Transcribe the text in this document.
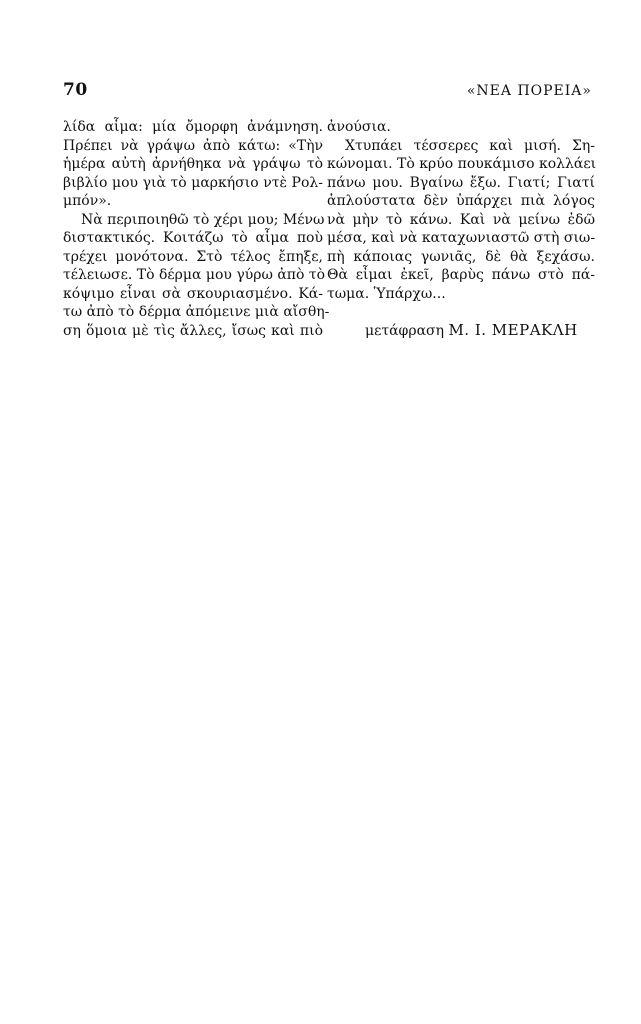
70	«ΝΕΑ ΠΟΡΕΙΑ»
λίδα αἷμα: μία ὄμορφη ἀνάμνηση.
Πρέπει νὰ γράψω ἀπὸ κάτω: «Τὴν
ἡμέρα αὐτὴ ἀρνήθηκα νὰ γράψω τὸ
βιβλίο μου γιὰ τὸ μαρκήσιο ντὲ Ρολ-
μπόν».
Νὰ περιποιηθῶ τὸ χέρι μου; Μένω
διστακτικός. Κοιτάζω τὸ αἷμα ποὺ
τρέχει μονότονα. Στὸ τέλος ἔπηξε,
τέλειωσε. Τὸ δέρμα μου γύρω ἀπὸ τὸ
κόψιμο εἶναι σὰ σκουριασμένο. Κά-
τω ἀπὸ τὸ δέρμα ἀπόμεινε μιὰ αἴσθη-
ση ὅμοια μὲ τὶς ἄλλες, ἴσως καὶ πιὸ
ἀνούσια.
Χτυπάει τέσσερες καὶ μισή. Ση-
κώνομαι. Τὸ κρύο πουκάμισο κολλάει
πάνω μου. Βγαίνω ἔξω. Γιατί; Γιατί
ἁπλούστατα δὲν ὑπάρχει πιὰ λόγος
νὰ μὴν τὸ κάνω. Καὶ νὰ μείνω ἐδῶ
μέσα, καὶ νὰ καταχωνιαστῶ στὴ σιω-
πὴ κάποιας γωνιᾶς, δὲ θὰ ξεχάσω.
Θὰ εἶμαι ἐκεῖ, βαρὺς πάνω στὸ πά-
τωμα. Ὑπάρχω...
μετάφραση Μ. Ι. ΜΕΡΑΚΛΗ
